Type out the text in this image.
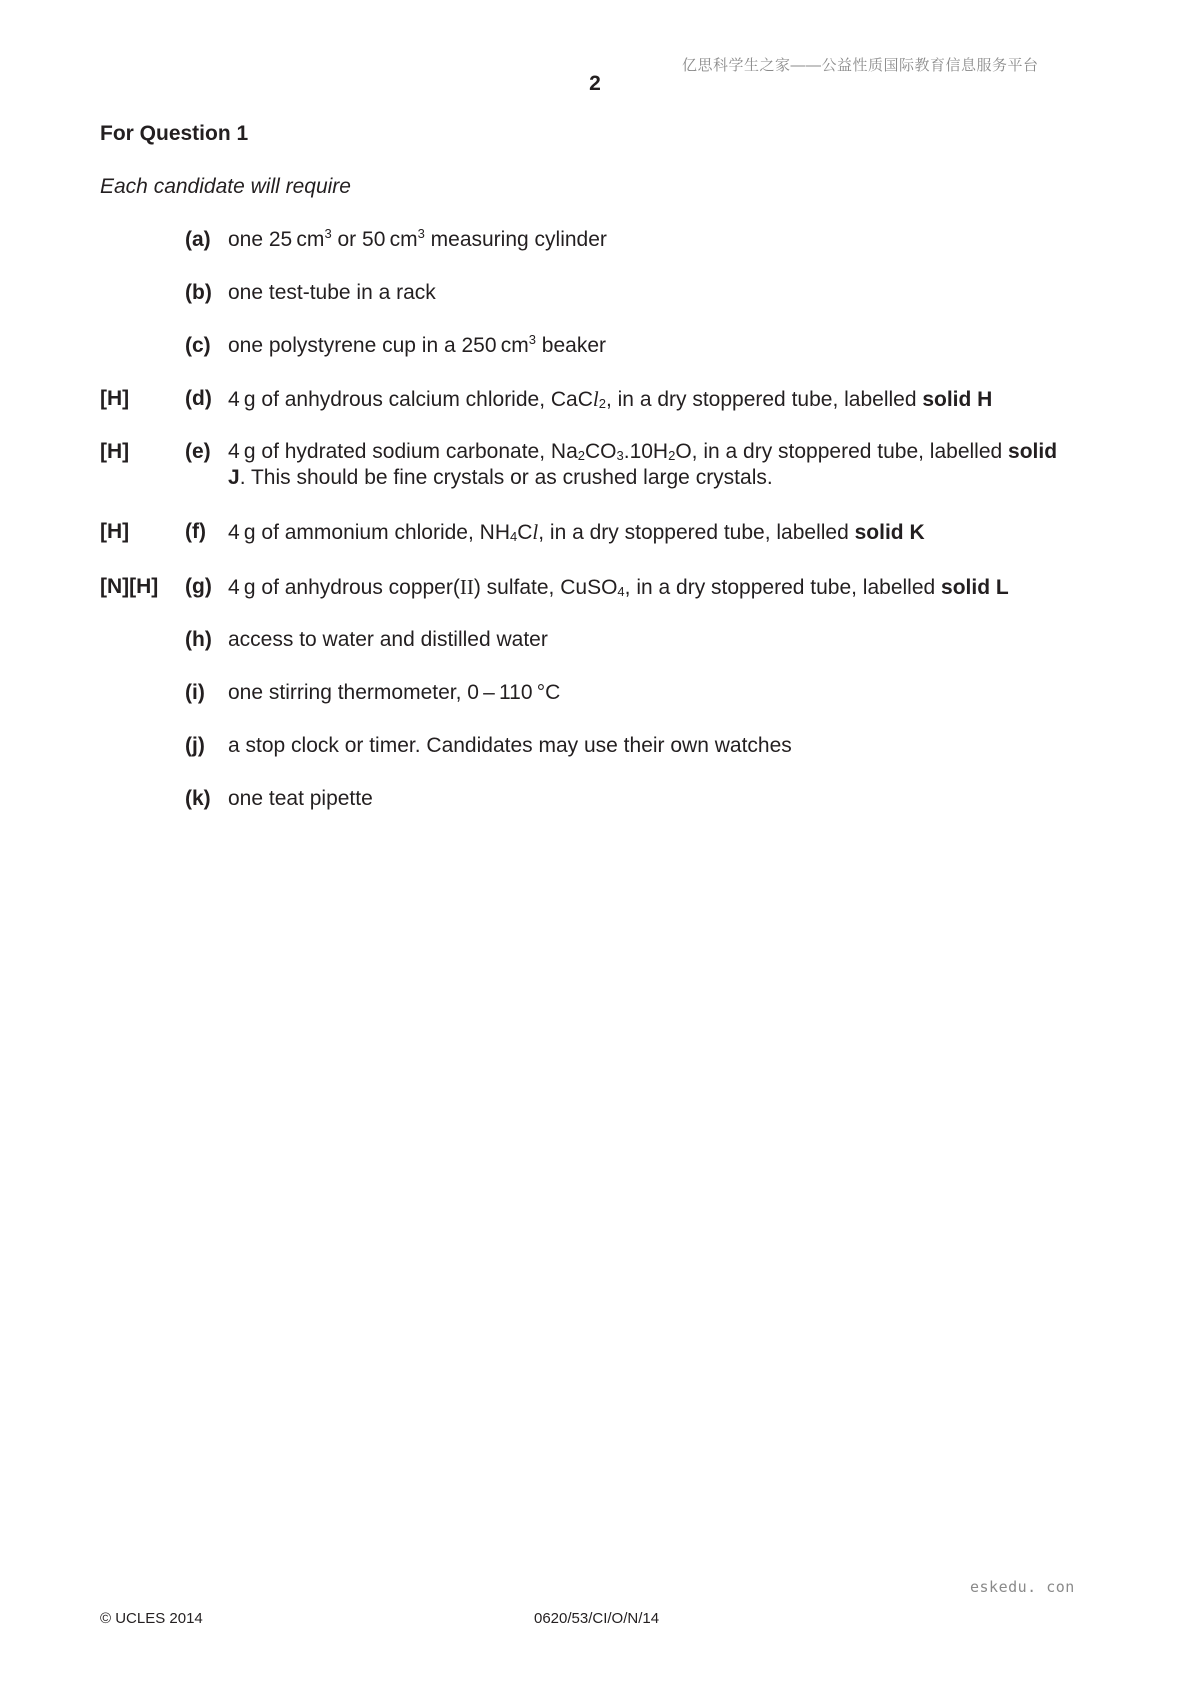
亿思科学生之家——公益性质国际教育信息服务平台
2
For Question 1
Each candidate will require
(a) one 25 $cm^3$ or 50 $cm^3$ measuring cylinder
(b) one test-tube in a rack
(c) one polystyrene cup in a 250 $cm^3$ beaker
[H]	(d) 4 g of anhydrous calcium chloride, CaCl$_2$, in a dry stoppered tube, labelled solid H
[H]	(e) 4 g of hydrated sodium carbonate, $Na_2CO_3.10H_2O$, in a dry stoppered tube, labelled solid
J. This should be fine crystals or as crushed large crystals.
[H]	(f) 4 g of ammonium chloride, $NH_4Cl$, in a dry stoppered tube, labelled solid K
[N][H] (g) 4 g of anhydrous copper(II) sulfate, CuSO$_4$, in a dry stoppered tube, labelled solid L
(h) access to water and distilled water
(i) one stirring thermometer, 0 – 110 °C
(j) a stop clock or timer. Candidates may use their own watches
(k) one teat pipette
eskedu. con
© UCLES 2014	0620/53/CI/O/N/14
